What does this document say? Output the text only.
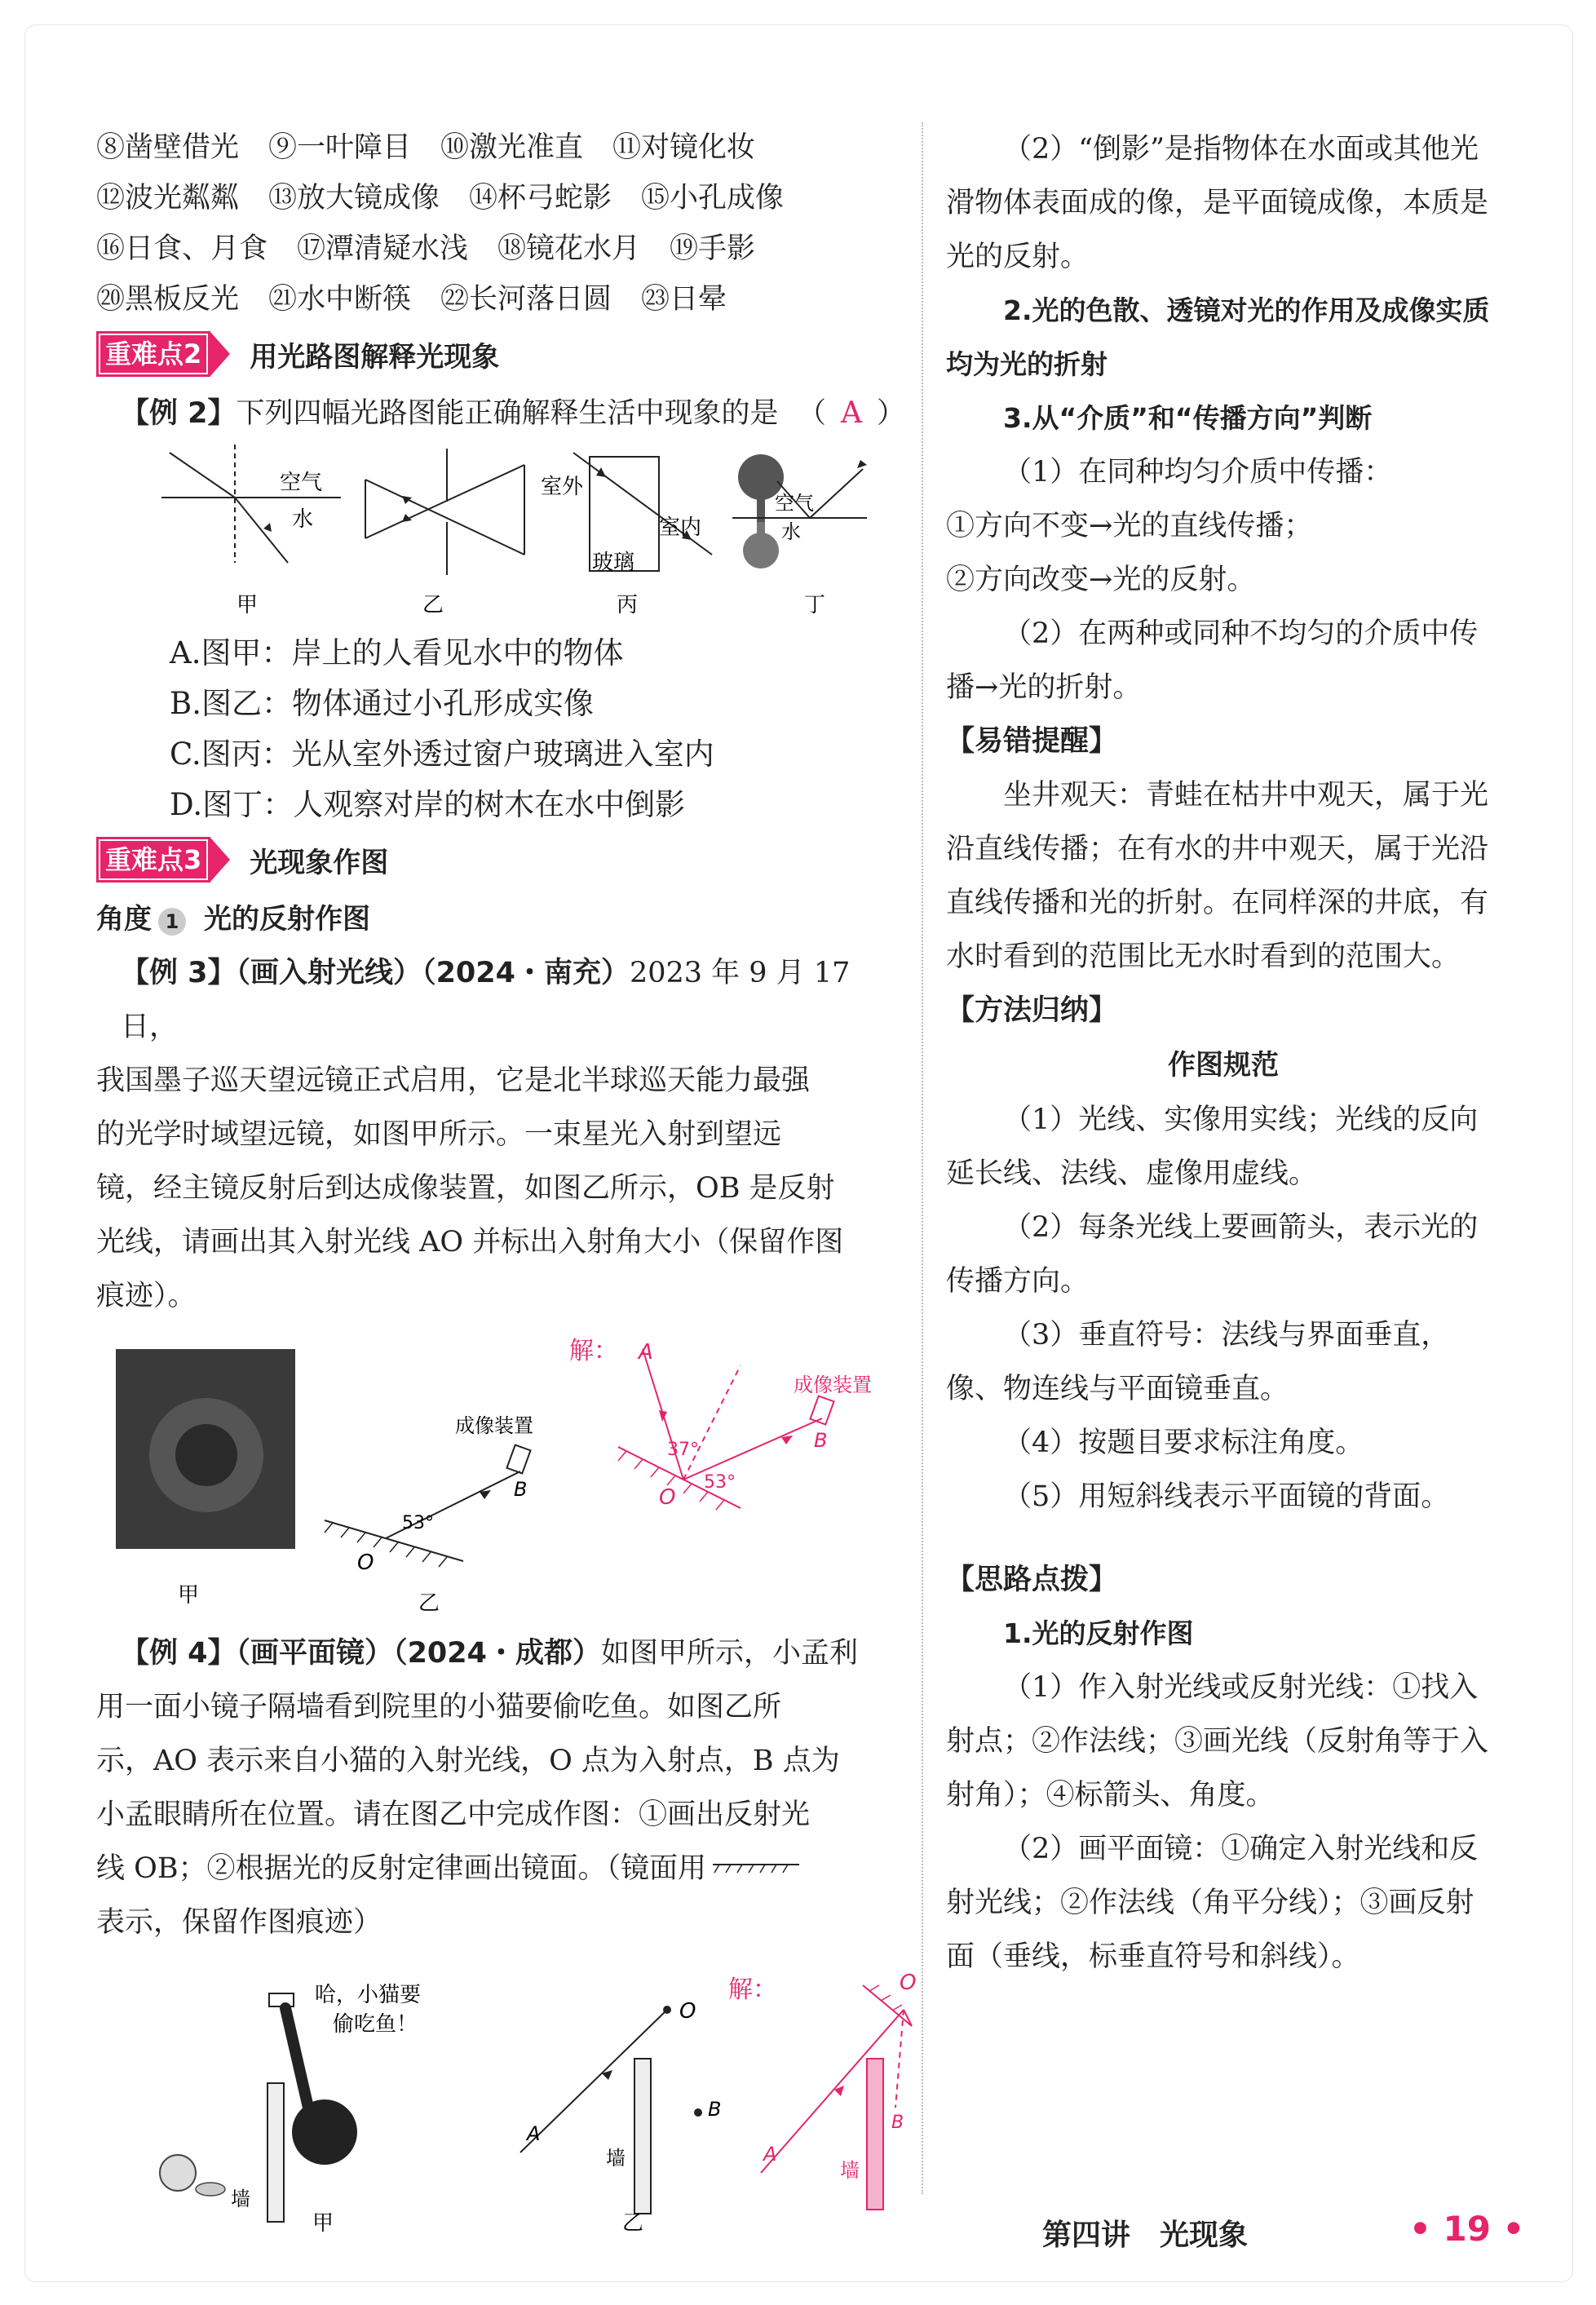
⑧凿壁借光 ⑨一叶障目 ⑩激光准直 ⑪对镜化妆
⑫波光粼粼 ⑬放大镜成像 ⑭杯弓蛇影 ⑮小孔成像
⑯日食、月食 ⑰潭清疑水浅 ⑱镜花水月 ⑲手影
⑳黑板反光 ㉑水中断筷 ㉒长河落日圆 ㉓日晕
重难点2	用光路图解释光现象
【例 2】下列四幅光路图能正确解释生活中现象的是 （ A ）
空气
水
甲	乙
室外
室内
玻璃
丙
空气
水
丁
A.图甲：岸上的人看见水中的物体
B.图乙：物体通过小孔形成实像
C.图丙：光从室外透过窗户玻璃进入室内
D.图丁：人观察对岸的树木在水中倒影
重难点3	光现象作图
角度 1 光的反射作图
【例 3】（画入射光线）（2024・南充）2023 年 9 月 17 日，
我国墨子巡天望远镜正式启用，它是北半球巡天能力最强
的光学时域望远镜，如图甲所示。一束星光入射到望远
镜，经主镜反射后到达成像装置，如图乙所示，OB 是反射
光线，请画出其入射光线 AO 并标出入射角大小（保留作图
痕迹）。
甲
成像装置
B
53°
O
乙
解： A
成像装置
B
37°
53°
O
【例 4】（画平面镜）（2024・成都）如图甲所示，小孟利
用一面小镜子隔墙看到院里的小猫要偷吃鱼。如图乙所
示，AO 表示来自小猫的入射光线，O 点为入射点，B 点为
小孟眼睛所在位置。请在图乙中完成作图：①画出反射光
线 OB；②根据光的反射定律画出镜面。（镜面用
表示，保留作图痕迹）
哈，小猫要
偷吃鱼！
墙
甲
O
A
墙
B
乙
解：
墙
A
O
B
（2）“倒影”是指物体在水面或其他光滑物体表面成的像，是平面镜成像，本质是光的反射。
2.光的色散、透镜对光的作用及成像实质均为光的折射
3.从“介质”和“传播方向”判断
（1）在同种均匀介质中传播：
①方向不变→光的直线传播；
②方向改变→光的反射。
（2）在两种或同种不均匀的介质中传播→光的折射。
【易错提醒】
坐井观天：青蛙在枯井中观天，属于光沿直线传播；在有水的井中观天，属于光沿直线传播和光的折射。在同样深的井底，有水时看到的范围比无水时看到的范围大。
【方法归纳】
作图规范
（1）光线、实像用实线；光线的反向延长线、法线、虚像用虚线。
（2）每条光线上要画箭头，表示光的传播方向。
（3）垂直符号：法线与界面垂直，像、物连线与平面镜垂直。
（4）按题目要求标注角度。
（5）用短斜线表示平面镜的背面。
【思路点拨】
1.光的反射作图
（1）作入射光线或反射光线：①找入射点；②作法线；③画光线（反射角等于入射角）；④标箭头、角度。
（2）画平面镜：①确定入射光线和反射光线；②作法线（角平分线）；③画反射面（垂线，标垂直符号和斜线）。
第四讲　光现象	• 19 •
